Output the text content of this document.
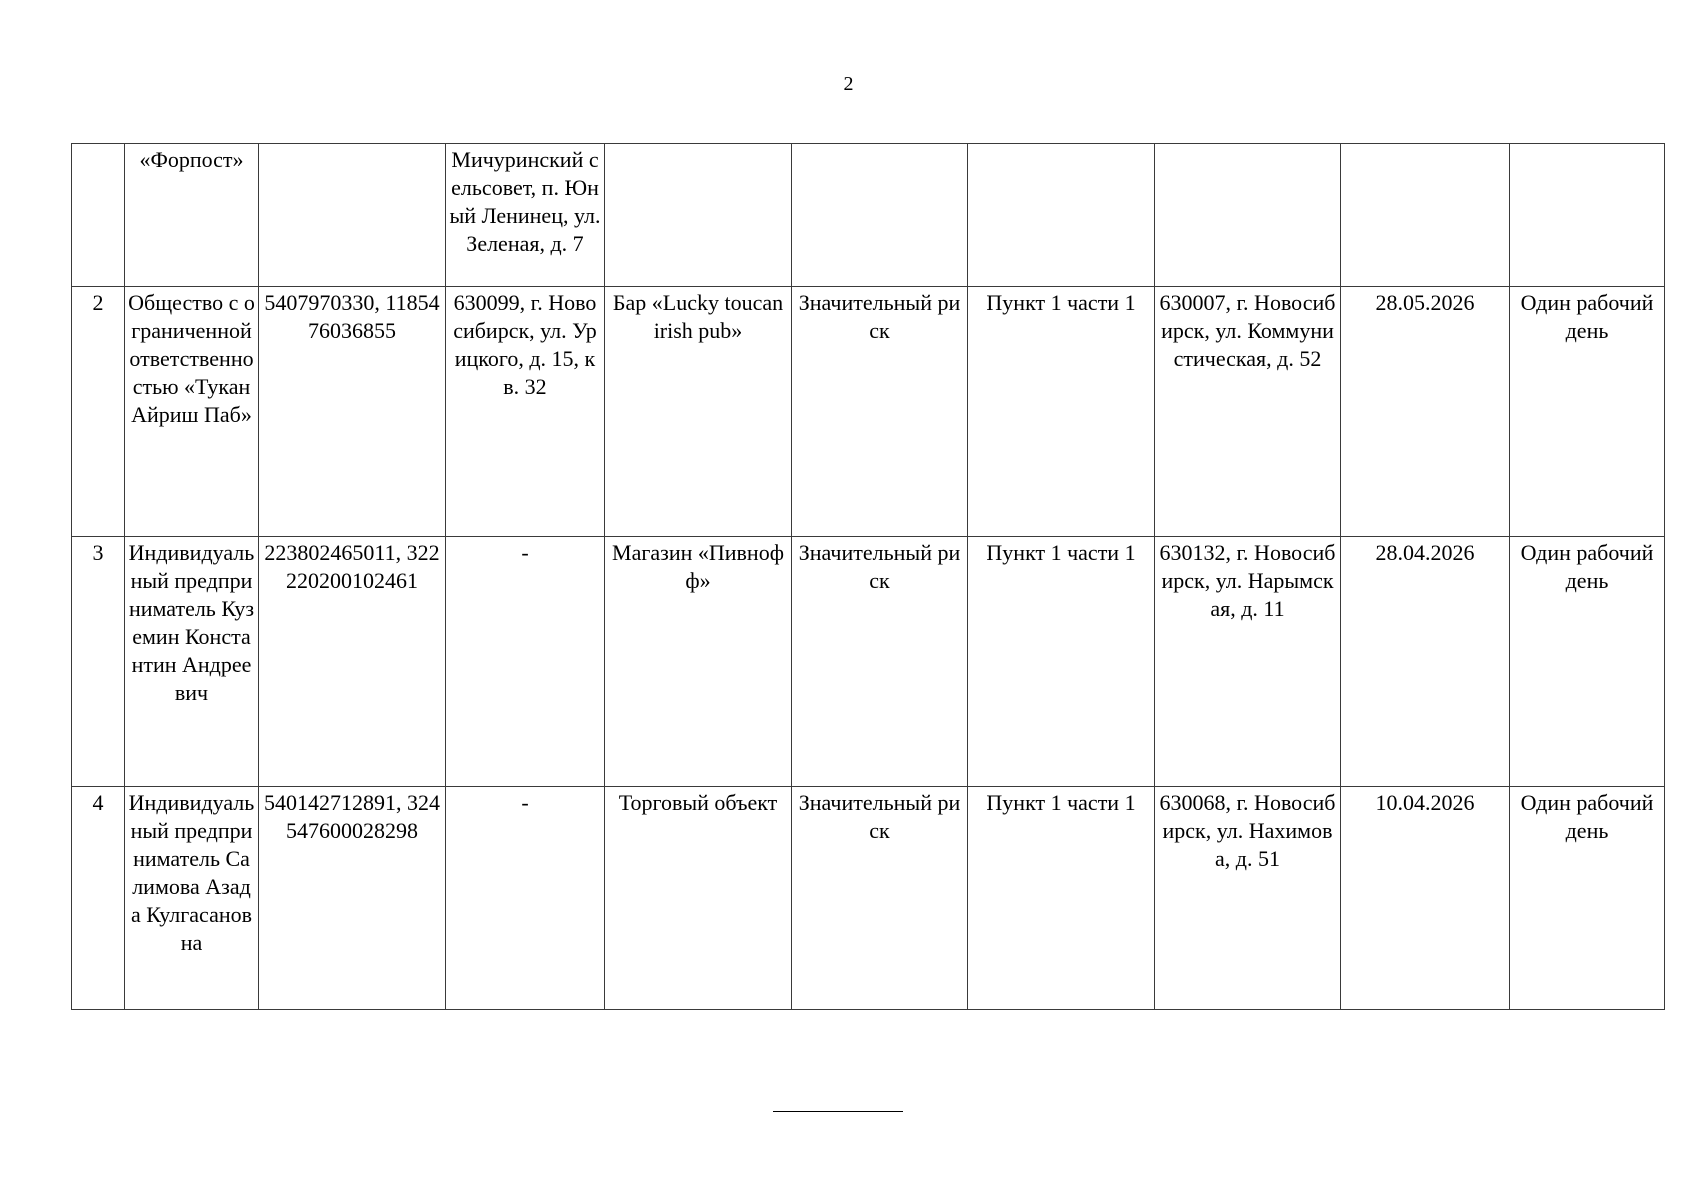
2
	«Форпост»		Мичуринский сельсовет, п. Юный Ленинец, ул. Зеленая, д. 7						
2	Общество с ограниченной ответственностью «Тукан Айриш Паб»	5407970330, 1185476036855	630099, г. Новосибирск, ул. Урицкого, д. 15, кв. 32	Бар «Lucky toucan irish pub»	Значительный риск	Пункт 1 части 1	630007, г. Новосибирск, ул. Коммунистическая, д. 52	28.05.2026	Один рабочий день
3	Индивидуальный предприниматель Куземин Константин Андреевич	223802465011, 322220200102461	-	Магазин «Пивнофф»	Значительный риск	Пункт 1 части 1	630132, г. Новосибирск, ул. Нарымская, д. 11	28.04.2026	Один рабочий день
4	Индивидуальный предприниматель Салимова Азада Кулгасановна	540142712891, 324547600028298	-	Торговый объект	Значительный риск	Пункт 1 части 1	630068, г. Новосибирск, ул. Нахимова, д. 51	10.04.2026	Один рабочий день
